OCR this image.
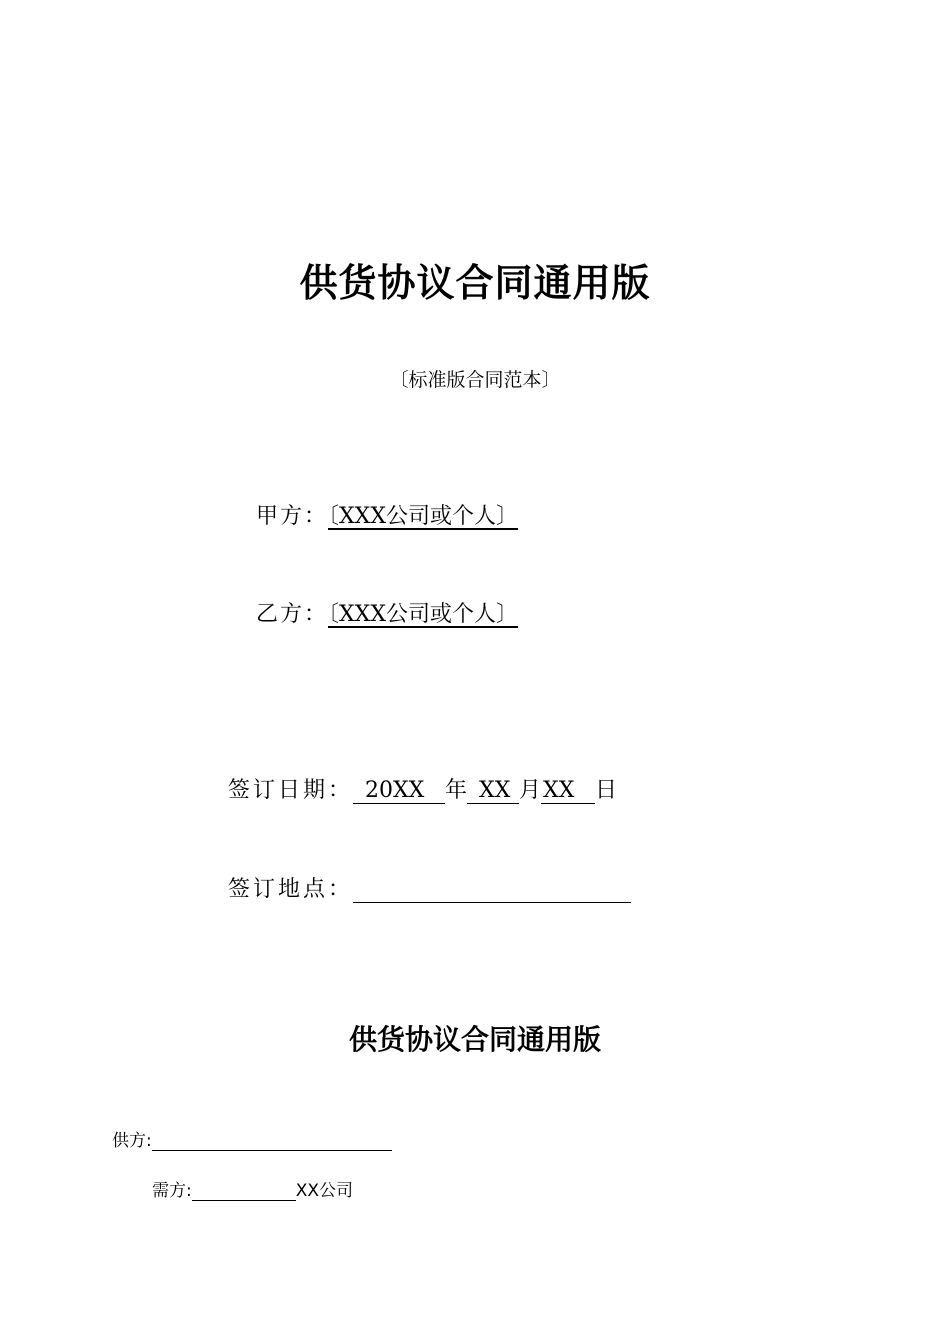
供货协议合同通用版
〔标准版合同范本〕
甲方：〔XXX公司或个人〕
乙方：〔XXX公司或个人〕
签订日期： 20XX 年 XX 月XX 日
签订地点：
供货协议合同通用版
供方:
需方:	XX公司
